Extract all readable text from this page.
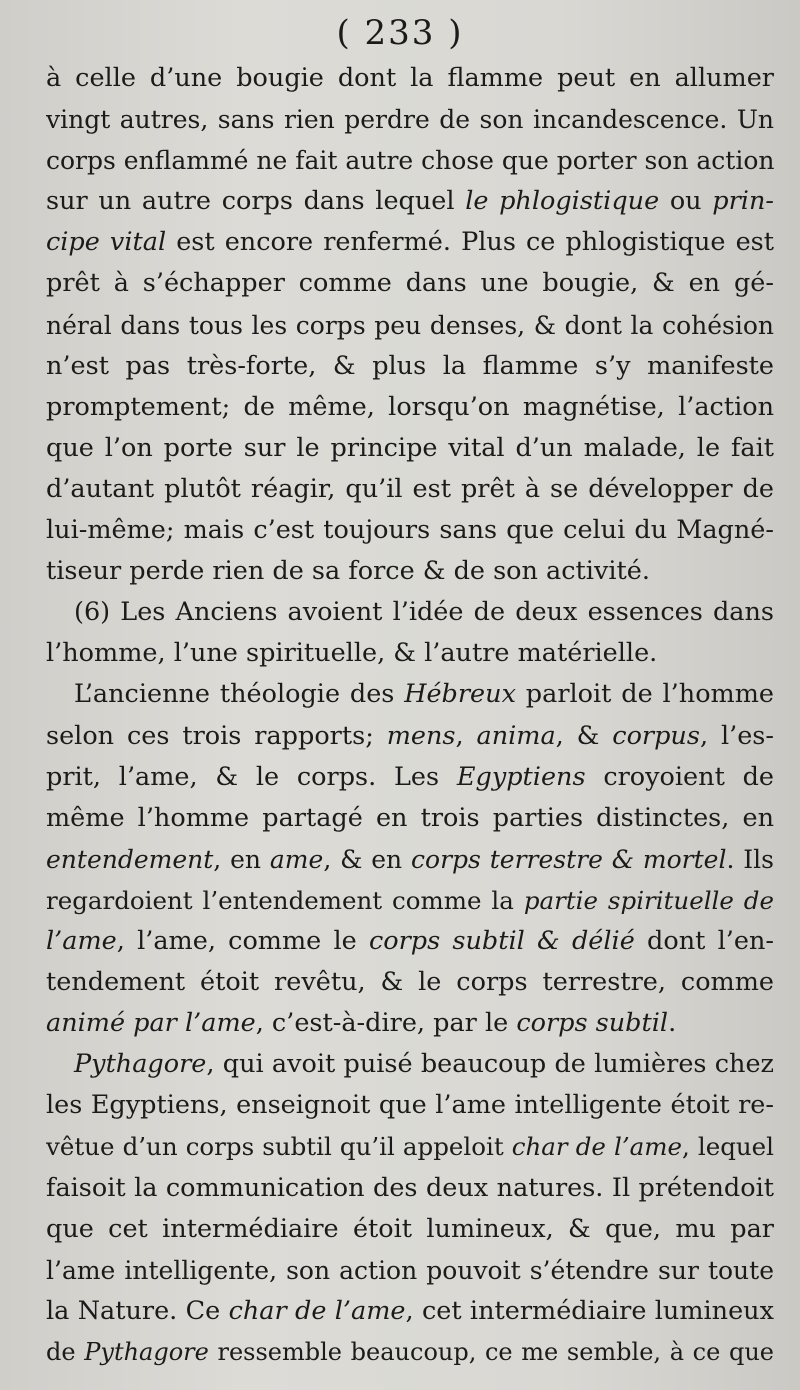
( 233 )
à celle d’une bougie dont la flamme peut en allumer
vingt autres, sans rien perdre de son incandescence. Un
corps enflammé ne fait autre chose que porter son action
sur un autre corps dans lequel le phlogistique ou prin-
cipe vital est encore renfermé. Plus ce phlogistique est
prêt à s’échapper comme dans une bougie, & en gé-
néral dans tous les corps peu denses, & dont la cohésion
n’est pas très-forte, & plus la flamme s’y manifeste
promptement; de même, lorsqu’on magnétise, l’action
que l’on porte sur le principe vital d’un malade, le fait
d’autant plutôt réagir, qu’il est prêt à se développer de
lui-même; mais c’est toujours sans que celui du Magné-
tiseur perde rien de sa force & de son activité.
(6) Les Anciens avoient l’idée de deux essences dans
l’homme, l’une spirituelle, & l’autre matérielle.
L’ancienne théologie des Hébreux parloit de l’homme
selon ces trois rapports; mens, anima, & corpus, l’es-
prit, l’ame, & le corps. Les Egyptiens croyoient de
même l’homme partagé en trois parties distinctes, en
entendement, en ame, & en corps terrestre & mortel. Ils
regardoient l’entendement comme la partie spirituelle de
l’ame, l’ame, comme le corps subtil & délié dont l’en-
tendement étoit revêtu, & le corps terrestre, comme
animé par l’ame, c’est-à-dire, par le corps subtil.
Pythagore, qui avoit puisé beaucoup de lumières chez
les Egyptiens, enseignoit que l’ame intelligente étoit re-
vêtue d’un corps subtil qu’il appeloit char de l’ame, lequel
faisoit la communication des deux natures. Il prétendoit
que cet intermédiaire étoit lumineux, & que, mu par
l’ame intelligente, son action pouvoit s’étendre sur toute
la Nature. Ce char de l’ame, cet intermédiaire lumineux
de Pythagore ressemble beaucoup, ce me semble, à ce que
